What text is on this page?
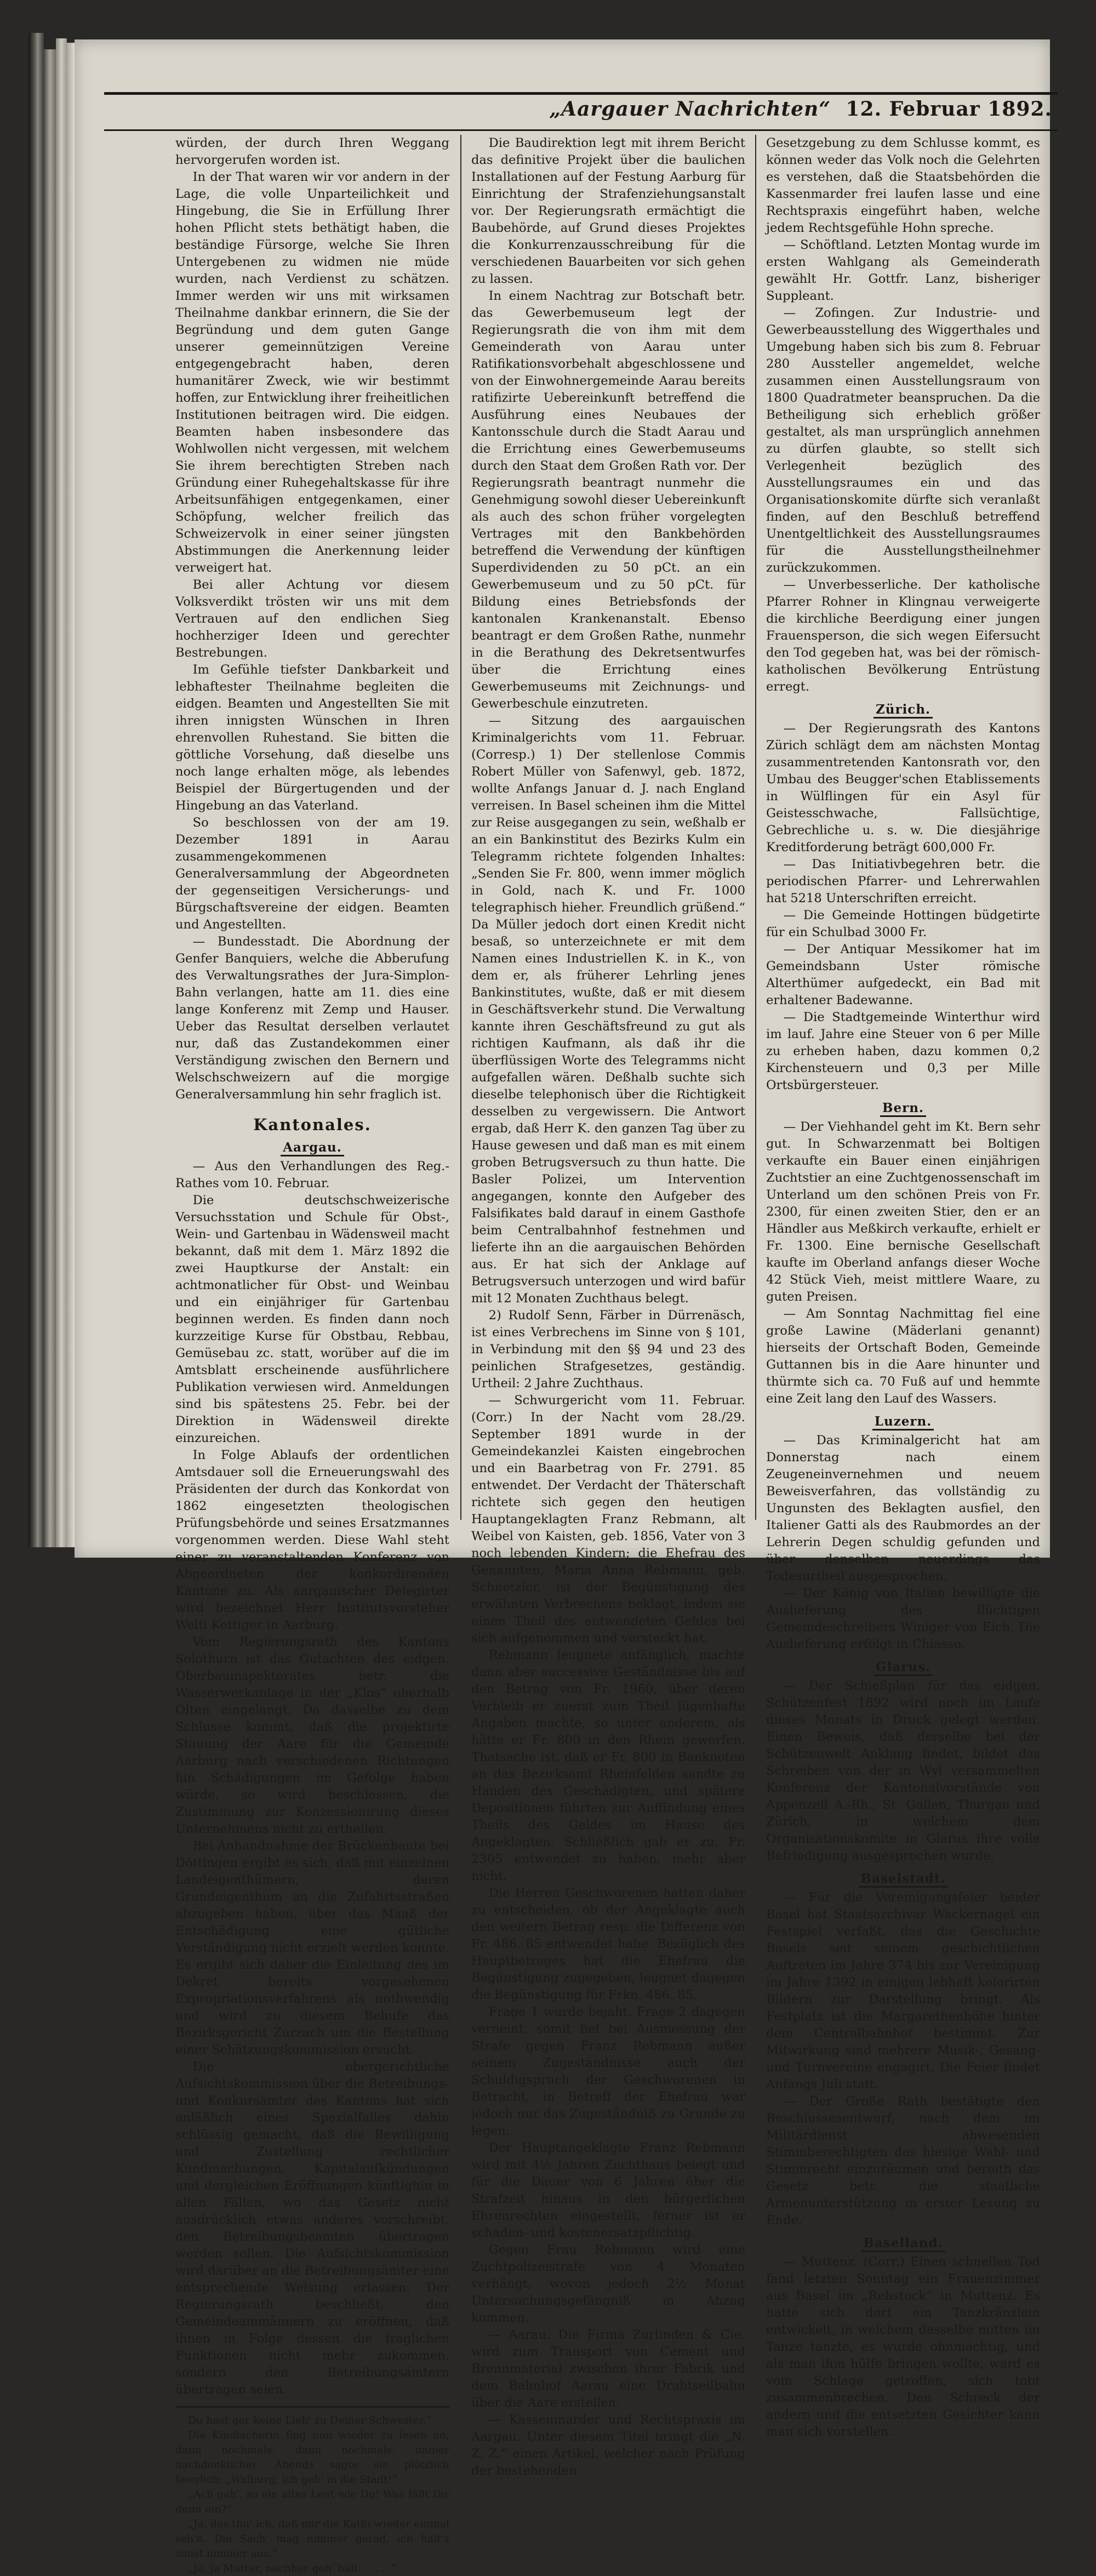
„Aargauer Nachrichten“ 12. Februar 1892.

würden, der durch Ihren Weggang hervorgerufen worden ist.

In der That waren wir vor andern in der Lage, die volle Unparteilichkeit und Hingebung, die Sie in Erfüllung Ihrer hohen Pflicht stets bethätigt haben, die beständige Fürsorge, welche Sie Ihren Untergebenen zu widmen nie müde wurden, nach Verdienst zu schätzen. Immer werden wir uns mit wirksamen Theilnahme dankbar erinnern, die Sie der Begründung und dem guten Gange unserer gemeinnützigen Vereine entgegengebracht haben, deren humanitärer Zweck, wie wir bestimmt hoffen, zur Entwicklung ihrer freiheitlichen Institutionen beitragen wird. Die eidgen. Beamten haben insbesondere das Wohlwollen nicht vergessen, mit welchem Sie ihrem berechtigten Streben nach Gründung einer Ruhegehaltskasse für ihre Arbeitsunfähigen entgegenkamen, einer Schöpfung, welcher freilich das Schweizervolk in einer seiner jüngsten Abstimmungen die Anerkennung leider verweigert hat.

Bei aller Achtung vor diesem Volksverdikt trösten wir uns mit dem Vertrauen auf den endlichen Sieg hochherziger Ideen und gerechter Bestrebungen.

Im Gefühle tiefster Dankbarkeit und lebhaftester Theilnahme begleiten die eidgen. Beamten und Angestellten Sie mit ihren innigsten Wünschen in Ihren ehrenvollen Ruhestand. Sie bitten die göttliche Vorsehung, daß dieselbe uns noch lange erhalten möge, als lebendes Beispiel der Bürgertugenden und der Hingebung an das Vaterland.

So beschlossen von der am 19. Dezember 1891 in Aarau zusammengekommenen Generalversammlung der Abgeordneten der gegenseitigen Versicherungs- und Bürgschaftsvereine der eidgen. Beamten und Angestellten.

— Bundesstadt. Die Abordnung der Genfer Banquiers, welche die Abberufung des Verwaltungsrathes der Jura-Simplon-Bahn verlangen, hatte am 11. dies eine lange Konferenz mit Zemp und Hauser. Ueber das Resultat derselben verlautet nur, daß das Zustandekommen einer Verständigung zwischen den Bernern und Welschschweizern auf die morgige Generalversammlung hin sehr fraglich ist.

Kantonales.
Aargau.

— Aus den Verhandlungen des Reg.-Rathes vom 10. Februar.

Die deutschschweizerische Versuchsstation und Schule für Obst-, Wein- und Gartenbau in Wädensweil macht bekannt, daß mit dem 1. März 1892 die zwei Hauptkurse der Anstalt: ein achtmonatlicher für Obst- und Weinbau und ein einjähriger für Gartenbau beginnen werden. Es finden dann noch kurzzeitige Kurse für Obstbau, Rebbau, Gemüsebau zc. statt, worüber auf die im Amtsblatt erscheinende ausführlichere Publikation verwiesen wird. Anmeldungen sind bis spätestens 25. Febr. bei der Direktion in Wädensweil direkte einzureichen.

In Folge Ablaufs der ordentlichen Amtsdauer soll die Erneuerungswahl des Präsidenten der durch das Konkordat von 1862 eingesetzten theologischen Prüfungsbehörde und seines Ersatzmannes vorgenommen werden. Diese Wahl steht einer zu veranstaltenden Konferenz von Abgeordneten der konkordirenden Kantone zu. Als aargauischer Delegirter wird bezeichnet Herr Institutsvorsteher Welti Kettiger in Aarburg.

Vom Regierungsrath des Kantons Solothurn ist das Gutachten des eidgen. Oberbauinspektorates betr. die Wasserwerkanlage in der „Klos“ oberhalb Olten eingelangt. Da dasselbe zu dem Schlusse kommt, daß die projektirte Stauung der Aare für die Gemeinde Aarburg nach verschiedenen Richtungen hin Schädigungen im Gefolge haben würde, so wird beschlossen, die Zustimmung zur Konzessionirung dieses Unternehmens nicht zu ertheilen.

Bei Anhandnahme der Brückenbaute bei Döttingen ergibt es sich, daß mit einzelnen Landeigenthümern, deren Grundeigenthum an die Zufahrtsstraßen abzugeben haben, über das Maaß der Entschädigung eine gütliche Verständigung nicht erzielt werden konnte. Es ergibt sich daher die Einleitung des im Dekret bereits vorgesehenen Expropriationsverfahrens als nothwendig und wird zu diesem Behufe das Bezirksgericht Zurzach um die Bestellung einer Schätzungskommission ersucht.

Die obergerichtliche Aufsichtskommission über die Betreibungs- und Konkursämter des Kantons hat sich anläßlich eines Spezialfalles dahin schlüssig gemacht, daß die Bewilligung und Zustellung rechtlicher Kundmachungen, Kapitalaufkündungen und dergleichen Eröffnungen künftighin in allen Fällen, wo das Gesetz nicht ausdrücklich etwas anderes vorschreibt, den Betreibungsbeamten übertragen werden sollen. Die Aufsichtskommission wird darüber an die Betreibungsämter eine entsprechende Weisung erlassen. Der Regierungsrath beschließt, den Gemeindeammännern zu eröffnen, daß ihnen in Folge dessen die fraglichen Funktionen nicht mehr zukommen, sondern den Betreibungsämtern übertragen seien.

Du hast gar keine Lieb' zu Deiner Schwester.“

Die Kindlacherin fing nun wieder zu lesen an, dann nochmals, dann nochmals, immer nachdenklicher. Abends sagte sie plötzlich feierlich: „Walburg, ich geh' in die Stadt!“

„Ach geh', so ein altes Leut wie Du! Was fällt Dir denn ein?“

„Ja, das thu' ich, daß mir die Kathi wieder einmal seh'n. Die Sach' mag nimmer gerad, ich halt's sonst nimmer aus.“

„Ja, ja Mutter, nachher geh' halt . . . . .“

Die Baudirektion legt mit ihrem Bericht das definitive Projekt über die baulichen Installationen auf der Festung Aarburg für Einrichtung der Strafenziehungsanstalt vor. Der Regierungsrath ermächtigt die Baubehörde, auf Grund dieses Projektes die Konkurrenzausschreibung für die verschiedenen Bauarbeiten vor sich gehen zu lassen.

In einem Nachtrag zur Botschaft betr. das Gewerbemuseum legt der Regierungsrath die von ihm mit dem Gemeinderath von Aarau unter Ratifikationsvorbehalt abgeschlossene und von der Einwohnergemeinde Aarau bereits ratifizirte Uebereinkunft betreffend die Ausführung eines Neubaues der Kantonsschule durch die Stadt Aarau und die Errichtung eines Gewerbemuseums durch den Staat dem Großen Rath vor. Der Regierungsrath beantragt nunmehr die Genehmigung sowohl dieser Uebereinkunft als auch des schon früher vorgelegten Vertrages mit den Bankbehörden betreffend die Verwendung der künftigen Superdividenden zu 50 pCt. an ein Gewerbemuseum und zu 50 pCt. für Bildung eines Betriebsfonds der kantonalen Krankenanstalt. Ebenso beantragt er dem Großen Rathe, nunmehr in die Berathung des Dekretsentwurfes über die Errichtung eines Gewerbemuseums mit Zeichnungs- und Gewerbeschule einzutreten.

— Sitzung des aargauischen Kriminalgerichts vom 11. Februar. (Corresp.) 1) Der stellenlose Commis Robert Müller von Safenwyl, geb. 1872, wollte Anfangs Januar d. J. nach England verreisen. In Basel scheinen ihm die Mittel zur Reise ausgegangen zu sein, weßhalb er an ein Bankinstitut des Bezirks Kulm ein Telegramm richtete folgenden Inhaltes: „Senden Sie Fr. 800, wenn immer möglich in Gold, nach K. und Fr. 1000 telegraphisch hieher. Freundlich grüßend.“ Da Müller jedoch dort einen Kredit nicht besaß, so unterzeichnete er mit dem Namen eines Industriellen K. in K., von dem er, als früherer Lehrling jenes Bankinstitutes, wußte, daß er mit diesem in Geschäftsverkehr stund. Die Verwaltung kannte ihren Geschäftsfreund zu gut als richtigen Kaufmann, als daß ihr die überflüssigen Worte des Telegramms nicht aufgefallen wären. Deßhalb suchte sich dieselbe telephonisch über die Richtigkeit desselben zu vergewissern. Die Antwort ergab, daß Herr K. den ganzen Tag über zu Hause gewesen und daß man es mit einem groben Betrugsversuch zu thun hatte. Die Basler Polizei, um Intervention angegangen, konnte den Aufgeber des Falsifikates bald darauf in einem Gasthofe beim Centralbahnhof festnehmen und lieferte ihn an die aargauischen Behörden aus. Er hat sich der Anklage auf Betrugsversuch unterzogen und wird bafür mit 12 Monaten Zuchthaus belegt.

2) Rudolf Senn, Färber in Dürrenäsch, ist eines Verbrechens im Sinne von § 101, in Verbindung mit den §§ 94 und 23 des peinlichen Strafgesetzes, geständig. Urtheil: 2 Jahre Zuchthaus.

— Schwurgericht vom 11. Februar. (Corr.) In der Nacht vom 28./29. September 1891 wurde in der Gemeindekanzlei Kaisten eingebrochen und ein Baarbetrag von Fr. 2791. 85 entwendet. Der Verdacht der Thäterschaft richtete sich gegen den heutigen Hauptangeklagten Franz Rebmann, alt Weibel von Kaisten, geb. 1856, Vater von 3 noch lebenden Kindern; die Ehefrau des Genannten, Maria Anna Rebmann, geb. Schnetzler, ist der Begünstigung des erwähnten Verbrechens beklagt, indem sie einen Theil des entwendeten Geldes bei sich aufgenommen und versteckt hat.

Rebmann leugnete anfänglich, machte dann aber successive Geständnisse bis auf den Betrag von Fr. 1960, über deren Verbleib er zuerst zum Theil lügenhafte Angaben machte, so unter anderem, als hätte er Fr. 800 in den Rhein geworfen. Thatsache ist, daß er Fr. 800 in Banknoten an das Bezirksamt Rheinfelden sandte zu Handen des Geschädigten, und spätere Depositionen führten zur Auffindung eines Theils des Geldes im Hause des Angeklagten. Schließlich gab er zu, Fr. 2305 entwendet zu haben, mehr aber nicht.

Die Herren Geschworenen hatten daher zu entscheiden, ob der Angeklagte auch den weitern Betrag resp. die Differenz von Fr. 486. 85 entwendet habe. Bezüglich des Hauptbetrages hat die Ehefrau die Begünstigung zugegeben, leugnet dagegen die Begünstigung für Frkn. 486. 85.

Frage 1 wurde bejaht, Frage 2 dagegen verneint, somit fiel bei Ausmessung der Strafe gegen Franz Rebmann außer seinem Zugeständnisse auch der Schuldigspruch der Geschworenen in Betracht, in Betreff der Ehefrau war jedoch nur das Zugeständniß zu Grunde zu legen.

Der Hauptangeklagte Franz Rebmann wird mit 4½ Jahren Zuchthaus belegt und für die Dauer von 6 Jahren über die Strafzeit hinaus in den bürgerlichen Ehrenrechten eingestellt, ferner ist er schaden- und kostenersatzpflichtig.

Gegen Frau Rebmann wird eine Zuchtpolizeistrafe von 4 Monaten verhängt, wovon jedoch 2½ Monat Untersuchungsgefängniß in Abzug kommen.

— Aarau. Die Firma Zurlinden & Cie. wird zum Transport von Cement und Brennmaterial zwischen ihrer Fabrik und dem Bahnhof Aarau eine Drahtseilbahn über die Aare erstellen.

— Kassenmarder und Rechtspraxis im Aargau. Unter diesem Titel bringt die „N. Z. Z.“ einen Artikel, welcher nach Prüfung der bestehenden

Gesetzgebung zu dem Schlusse kommt, es können weder das Volk noch die Gelehrten es verstehen, daß die Staatsbehörden die Kassenmarder frei laufen lasse und eine Rechtspraxis eingeführt haben, welche jedem Rechtsgefühle Hohn spreche.

— Schöftland. Letzten Montag wurde im ersten Wahlgang als Gemeinderath gewählt Hr. Gottfr. Lanz, bisheriger Suppleant.

— Zofingen. Zur Industrie- und Gewerbeausstellung des Wiggerthales und Umgebung haben sich bis zum 8. Februar 280 Aussteller angemeldet, welche zusammen einen Ausstellungsraum von 1800 Quadratmeter beanspruchen. Da die Betheiligung sich erheblich größer gestaltet, als man ursprünglich annehmen zu dürfen glaubte, so stellt sich Verlegenheit bezüglich des Ausstellungsraumes ein und das Organisationskomite dürfte sich veranlaßt finden, auf den Beschluß betreffend Unentgeltlichkeit des Ausstellungsraumes für die Ausstellungstheilnehmer zurückzukommen.

— Unverbesserliche. Der katholische Pfarrer Rohner in Klingnau verweigerte die kirchliche Beerdigung einer jungen Frauensperson, die sich wegen Eifersucht den Tod gegeben hat, was bei der römisch-katholischen Bevölkerung Entrüstung erregt.

Zürich.

— Der Regierungsrath des Kantons Zürich schlägt dem am nächsten Montag zusammentretenden Kantonsrath vor, den Umbau des Beugger'schen Etablissements in Wülflingen für ein Asyl für Geistesschwache, Fallsüchtige, Gebrechliche u. s. w. Die diesjährige Kreditforderung beträgt 600,000 Fr.

— Das Initiativbegehren betr. die periodischen Pfarrer- und Lehrerwahlen hat 5218 Unterschriften erreicht.

— Die Gemeinde Hottingen büdgetirte für ein Schulbad 3000 Fr.

— Der Antiquar Messikomer hat im Gemeindsbann Uster römische Alterthümer aufgedeckt, ein Bad mit erhaltener Badewanne.

— Die Stadtgemeinde Winterthur wird im lauf. Jahre eine Steuer von 6 per Mille zu erheben haben, dazu kommen 0,2 Kirchensteuern und 0,3 per Mille Ortsbürgersteuer.

Bern.

— Der Viehhandel geht im Kt. Bern sehr gut. In Schwarzenmatt bei Boltigen verkaufte ein Bauer einen einjährigen Zuchtstier an eine Zuchtgenossenschaft im Unterland um den schönen Preis von Fr. 2300, für einen zweiten Stier, den er an Händler aus Meßkirch verkaufte, erhielt er Fr. 1300. Eine bernische Gesellschaft kaufte im Oberland anfangs dieser Woche 42 Stück Vieh, meist mittlere Waare, zu guten Preisen.

— Am Sonntag Nachmittag fiel eine große Lawine (Mäderlani genannt) hierseits der Ortschaft Boden, Gemeinde Guttannen bis in die Aare hinunter und thürmte sich ca. 70 Fuß auf und hemmte eine Zeit lang den Lauf des Wassers.

Luzern.

— Das Kriminalgericht hat am Donnerstag nach einem Zeugeneinvernehmen und neuem Beweisverfahren, das vollständig zu Ungunsten des Beklagten ausfiel, den Italiener Gatti als des Raubmordes an der Lehrerin Degen schuldig gefunden und über denselben neuerdings das Todesurtheil ausgesprochen.

— Der König von Italien bewilligte die Auslieferung des flüchtigen Gemeindeschreibers Winiger von Eich. Die Auslieferung erfolgt in Chiasso.

Glarus.

— Der Schießplan für das eidgen. Schützenfest 1892 wird noch im Laufe dieses Monats in Druck gelegt werden. Einen Beweis, daß derselbe bei der Schützenwelt Anklang findet, bildet das Schreiben von der in Wyl versammelten Konferenz der Kantonalvorstände von Appenzell A.-Rh., St. Gallen, Thurgau und Zürich, in welchem dem Organisationskomite in Glarus ihre volle Befriedigung ausgesprochen wurde.

Baselstadt.

— Für die Vereinigungsfeier beider Basel hat Staatsarchivar Wackernagel ein Festspiel verfaßt, das die Geschichte Basels seit seinem geschichtlichen Auftreten im Jahre 374 bis zur Vereinigung im Jahre 1392 in einigen lebhaft kolorirten Bildern zur Darstellung bringt. Als Festplatz ist die Margarethenhöhe hinter dem Centralbahnhof bestimmt. Zur Mitwirkung sind mehrere Musik-, Gesang- und Turnvereine engagirt. Die Feier findet Anfangs Juli statt.

— Der Große Rath bestätigte den Beschlussesentwurf, nach dem im Militärdienst abwesenden Stimmberechtigten das hiesige Wahl- und Stimmrecht einzuräumen und bereith das Gesetz betr. die staatliche Armenunterstützung in erster Lesung zu Ende.

Baselland.

— Muttenz. (Corr.) Einen schnellen Tod fand letzten Sonntag ein Frauenzimmer aus Basel im „Rebstock“ in Muttenz. Es hatte sich dort ein Tanzkränzlein entwickelt, in welchem dasselbe mitten im Tanze tanzte, es wurde ohnmächtig, und als man ihm hülfe bringen wollte, ward es vom Schlage getroffen, sich tobt zusammenbrechen. Den Schreck der andern und die entsetzten Gesichter kann man sich vorstellen.
